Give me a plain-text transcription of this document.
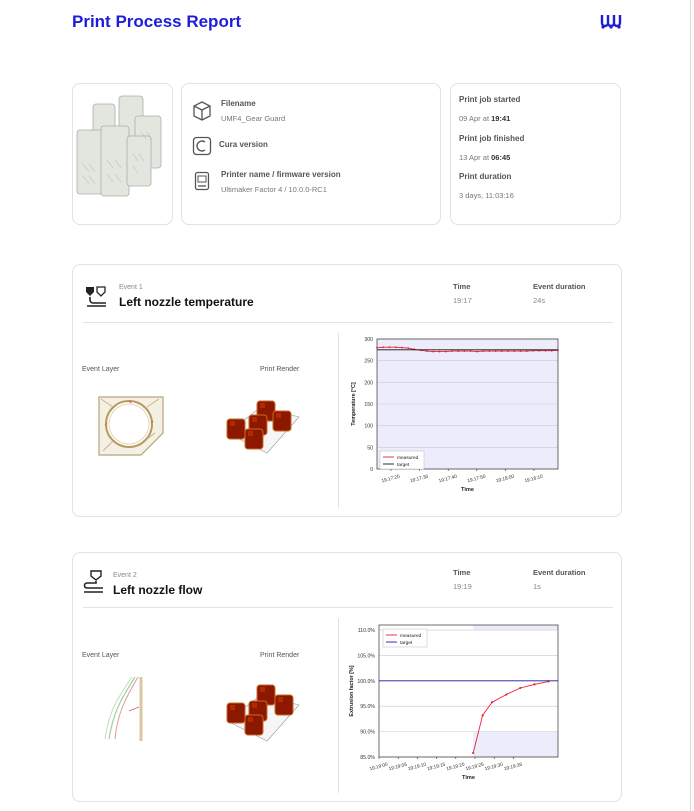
Print Process Report
Filename
UMF4_Gear Guard
Cura version
Printer name / firmware version
Ultimaker Factor 4 / 10.0.0-RC1
Print job started
09 Apr at 19:41
Print job finished
13 Apr at 06:45
Print duration
3 days, 11:03:16
Event 1
Left nozzle temperature
Time
19:17
Event duration
24s
Event Layer	Print Render
0
50
100
150
200
250
300
19:17:20 19:17:30 19:17:40 19:17:50 19:18:00 19:18:10
Time
Temperature [°C]
measured
target
Event 2
Left nozzle flow
Time
19:19
Event duration
1s
Event Layer	Print Render
85.0%
90.0%
95.0%
100.0%
105.0%
110.0%
19:19:00 19:19:05 19:19:10 19:19:15 19:19:20 19:19:25 19:19:30 19:19:35
Time
Extrusion factor [%]
measured
target
